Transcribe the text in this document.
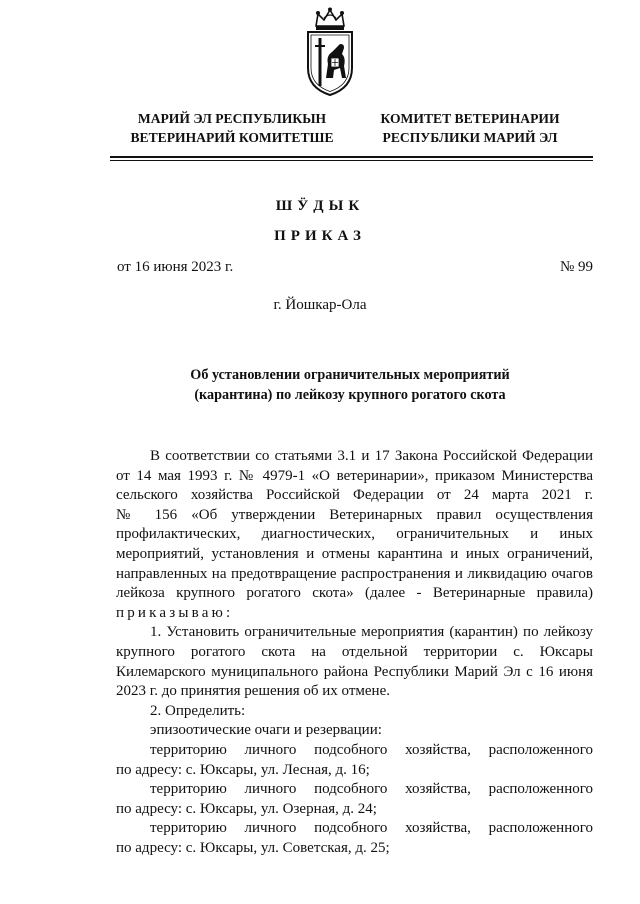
МАРИЙ ЭЛ РЕСПУБЛИКЫН
ВЕТЕРИНАРИЙ КОМИТЕТШЕ
КОМИТЕТ ВЕТЕРИНАРИИ
РЕСПУБЛИКИ МАРИЙ ЭЛ
ШӰДЫК
ПРИКАЗ
от 16 июня 2023 г.	№ 99
г. Йошкар-Ола
Об установлении ограничительных мероприятий
(карантина) по лейкозу крупного рогатого скота
В соответствии со статьями 3.1 и 17 Закона Российской Федерации
от 14 мая 1993 г. № 4979-1 «О ветеринарии», приказом Министерства
сельского хозяйства Российской Федерации от 24 марта 2021 г.
№ 156 «Об утверждении Ветеринарных правил осуществления
профилактических, диагностических, ограничительных и иных
мероприятий, установления и отмены карантина и иных ограничений,
направленных на предотвращение распространения и ликвидацию очагов
лейкоза крупного рогатого скота» (далее - Ветеринарные правила)
приказываю:
1. Установить ограничительные мероприятия (карантин) по лейкозу
крупного рогатого скота на отдельной территории с. Юксары
Килемарского муниципального района Республики Марий Эл с 16 июня
2023 г. до принятия решения об их отмене.
2. Определить:
эпизоотические очаги и резервации:
территорию личного подсобного хозяйства, расположенного
по адресу: с. Юксары, ул. Лесная, д. 16;
территорию личного подсобного хозяйства, расположенного
по адресу: с. Юксары, ул. Озерная, д. 24;
территорию личного подсобного хозяйства, расположенного
по адресу: с. Юксары, ул. Советская, д. 25;
